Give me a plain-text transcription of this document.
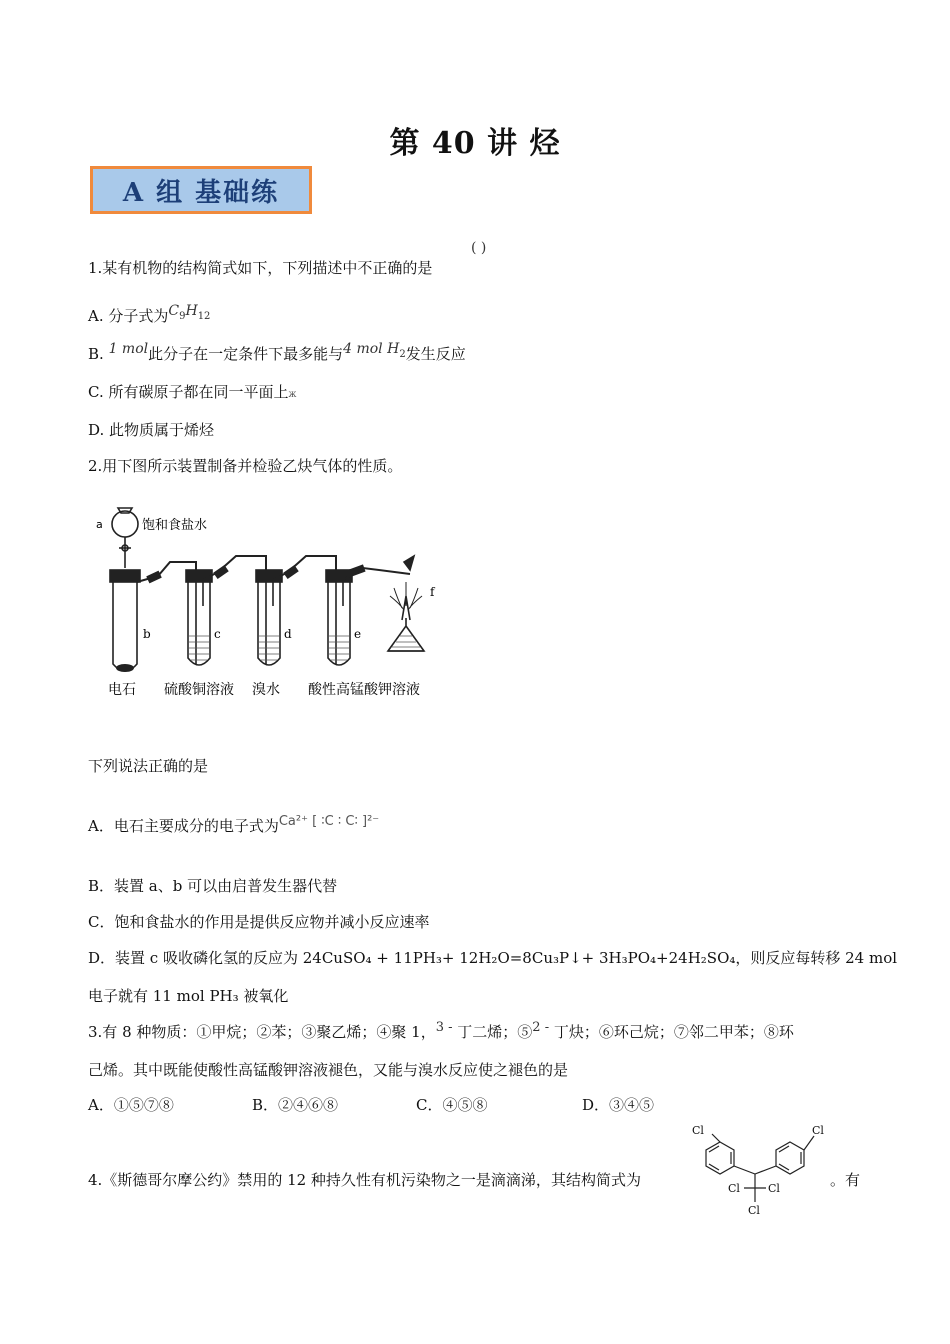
第 40 讲 烃
A 组 基础练
1.某有机物的结构简式如下，下列描述中不正确的是
( )
A. 分子式为$C_9H_{12}$
B. 1 mol此分子在一定条件下最多能与4 mol $H_2$发生反应
C. 所有碳原子都在同一平面上Ж
D. 此物质属于烯烃
2.用下图所示装置制备并检验乙炔气体的性质。
a	饱和食盐水
b	c	d	e
f
电石 硫酸铜溶液 溴水 酸性高锰酸钾溶液
下列说法正确的是
A．电石主要成分的电子式为Ca²⁺ [ ∶C ∶ C∶ ]²⁻
B．装置 a、b 可以由启普发生器代替
C．饱和食盐水的作用是提供反应物并减小反应速率
D．装置 c 吸收磷化氢的反应为 24CuSO₄ + 11PH₃+ 12H₂O=8Cu₃P↓+ 3H₃PO₄+24H₂SO₄，则反应每转移 24 mol
电子就有 11 mol PH₃ 被氧化
3.有 8 种物质：①甲烷；②苯；③聚乙烯；④聚 1，3 - 丁二烯；⑤2 - 丁炔；⑥环己烷；⑦邻二甲苯；⑧环
己烯。其中既能使酸性高锰酸钾溶液褪色，又能与溴水反应使之褪色的是
A．①⑤⑦⑧	B．②④⑥⑧	C．④⑤⑧	D．③④⑤
4.《斯德哥尔摩公约》禁用的 12 种持久性有机污染物之一是滴滴涕，其结构简式为	。有
Cl	Cl
Cl	Cl
Cl
